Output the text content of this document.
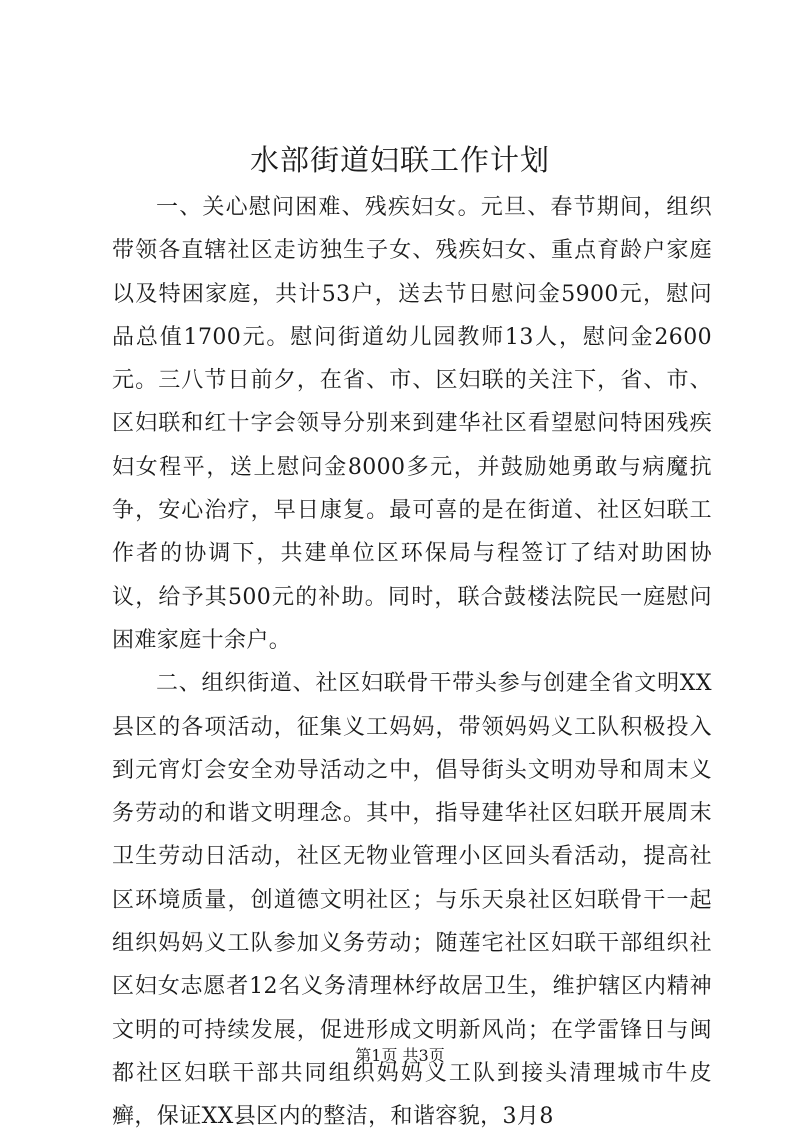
水部街道妇联工作计划

一、关心慰问困难、残疾妇女。元旦、春节期间，组织带领各直辖社区走访独生子女、残疾妇女、重点育龄户家庭以及特困家庭，共计53户，送去节日慰问金5900元，慰问品总值1700元。慰问街道幼儿园教师13人，慰问金2600元。三八节日前夕，在省、市、区妇联的关注下，省、市、区妇联和红十字会领导分别来到建华社区看望慰问特困残疾妇女程平，送上慰问金8000多元，并鼓励她勇敢与病魔抗争，安心治疗，早日康复。最可喜的是在街道、社区妇联工作者的协调下，共建单位区环保局与程签订了结对助困协议，给予其500元的补助。同时，联合鼓楼法院民一庭慰问困难家庭十余户。

二、组织街道、社区妇联骨干带头参与创建全省文明XX县区的各项活动，征集义工妈妈，带领妈妈义工队积极投入到元宵灯会安全劝导活动之中，倡导街头文明劝导和周末义务劳动的和谐文明理念。其中，指导建华社区妇联开展周末卫生劳动日活动，社区无物业管理小区回头看活动，提高社区环境质量，创道德文明社区；与乐天泉社区妇联骨干一起组织妈妈义工队参加义务劳动；随莲宅社区妇联干部组织社区妇女志愿者12名义务清理林纾故居卫生，维护辖区内精神文明的可持续发展，促进形成文明新风尚；在学雷锋日与闽都社区妇联干部共同组织妈妈义工队到接头清理城市牛皮癣，保证XX县区内的整洁，和谐容貌，3月8

第1页 共3页
